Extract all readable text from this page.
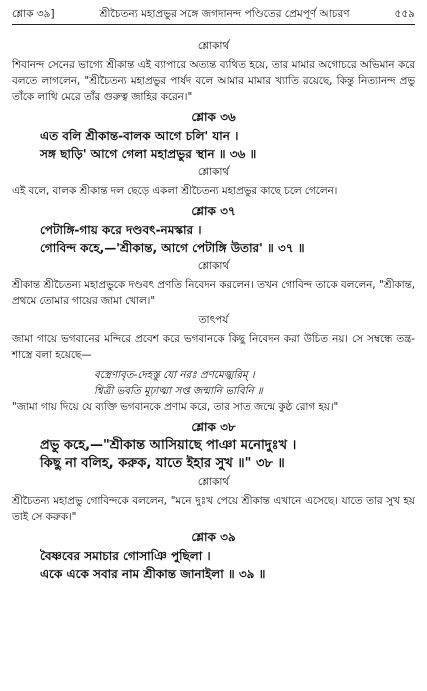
শ্লোক ৩৯]	শ্রীচৈতন্য মহাপ্রভুর সঙ্গে জগদানন্দ পণ্ডিতের প্রেমপূর্ণ আচরণ	৫৫৯
শ্লোকার্থ

শিবানন্দ সেনের ভাগ্যে শ্রীকান্ত এই ব্যাপারে অত্যন্ত ব্যথিত হয়ে, তার মামার অগোচরে অভিমান করে বলতে লাগলেন, "শ্রীচৈতন্য মহাপ্রভুর পার্ষদ বলে আমার মামার খ্যাতি রয়েছে, কিন্তু নিত্যানন্দ প্রভু তাঁকে লাথি মেরে তাঁর গুরুত্ব জাহির করেন।"

শ্লোক ৩৬
এত বলি শ্রীকান্ত-বালক আগে চলি' যান ।
সঙ্গ ছাড়ি' আগে গেলা মহাপ্রভুর স্থান ॥ ৩৬ ॥
শ্লোকার্থ

এই বলে, বালক শ্রীকান্ত দল ছেড়ে একলা শ্রীচৈতন্য মহাপ্রভুর কাছে চলে গেলেন।

শ্লোক ৩৭
পেটাঙ্গি-গায় করে দণ্ডবৎ-নমস্কার ।
গোবিন্দ কহে,—'শ্রীকান্ত, আগে পেটাঙ্গি উতার' ॥ ৩৭ ॥
শ্লোকার্থ

শ্রীকান্ত শ্রীচৈতন্য মহাপ্রভুকে দণ্ডবৎ প্রণতি নিবেদন করলেন। তখন গোবিন্দ তাকে বললেন, "শ্রীকান্ত, প্রথমে তোমার গায়ের জামা খোল।"

তাৎপর্য

জামা গায়ে ভগবানের মন্দিরে প্রবেশ করে ভগবানকে কিছু নিবেদন করা উচিত নয়। সে সম্বন্ধে তন্ত্র-শাস্ত্রে বলা হয়েছে—

বস্ত্রেণাবৃত-দেহস্তু যো নরঃ প্রণমেজ্ঝরিম্‌ ।
শ্বিত্রী ভবতি মূঢ়াত্মা সপ্ত জন্মানি ভাবিনি ॥

"জামা গায় দিয়ে যে ব্যক্তি ভগবানকে প্রণাম করে, তার সাত জন্মে কুষ্ঠ রোগ হয়।"

শ্লোক ৩৮
প্রভু কহে,—"শ্রীকান্ত আসিয়াছে পাঞা মনোদুঃখ ।
কিছু না বলিহ, করুক, যাতে ইহার সুখ ॥" ৩৮ ॥
শ্লোকার্থ

শ্রীচৈতন্য মহাপ্রভু গোবিন্দকে বললেন, "মনে দুঃখ পেয়ে শ্রীকান্ত এখানে এসেছে। যাতে তার সুখ হয় তাই সে করুক।"

শ্লোক ৩৯
বৈষ্ণবের সমাচার গোসাঞি পুছিলা ।
একে একে সবার নাম শ্রীকান্ত জানাইলা ॥ ৩৯ ॥
